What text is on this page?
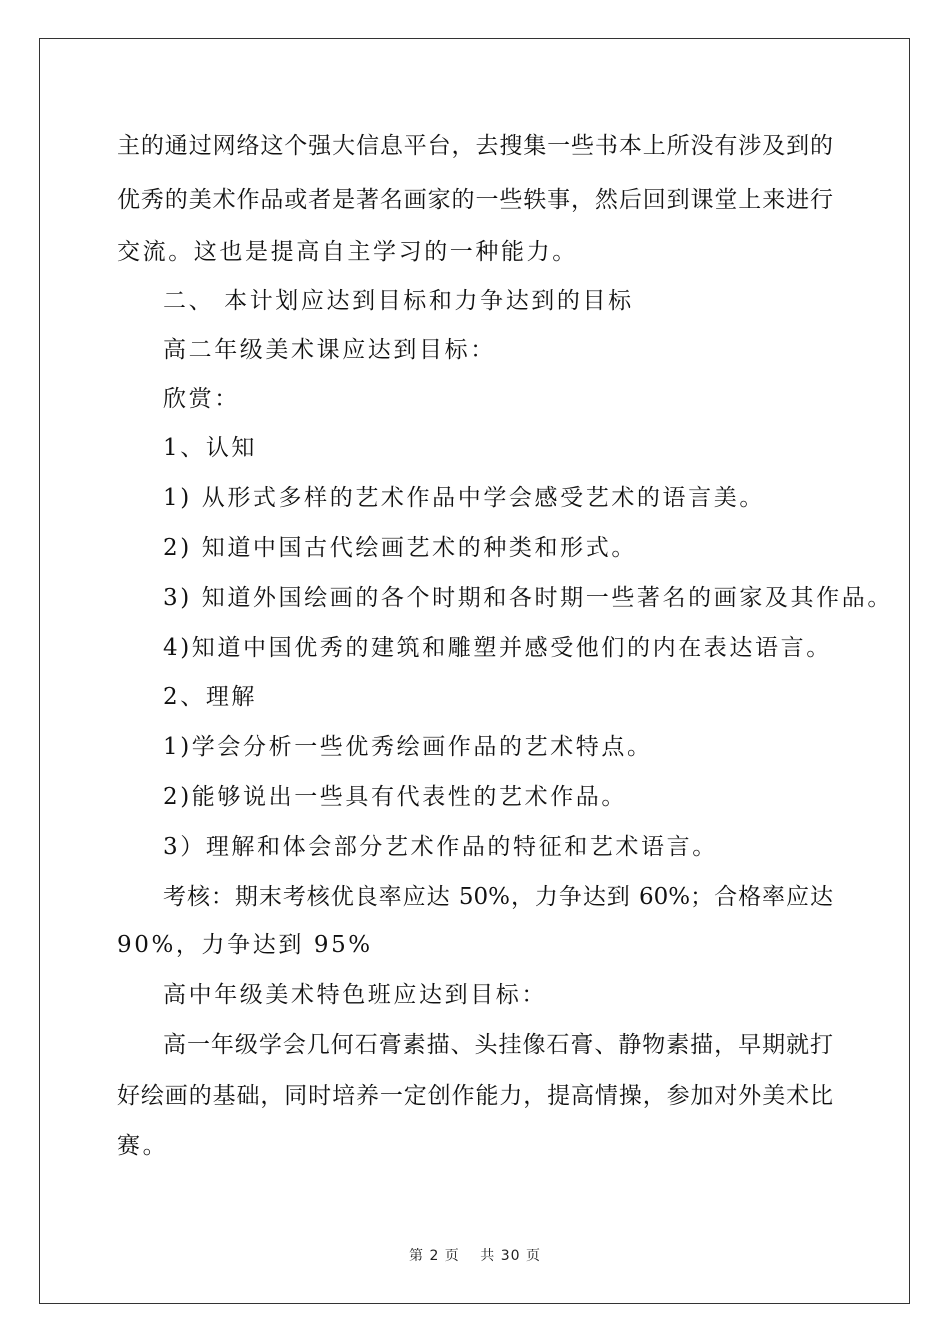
主的通过网络这个强大信息平台，去搜集一些书本上所没有涉及到的
优秀的美术作品或者是著名画家的一些轶事，然后回到课堂上来进行
交流。这也是提高自主学习的一种能力。
二、 本计划应达到目标和力争达到的目标
高二年级美术课应达到目标：
欣赏：
1、认知
1) 从形式多样的艺术作品中学会感受艺术的语言美。
2) 知道中国古代绘画艺术的种类和形式。
3) 知道外国绘画的各个时期和各时期一些著名的画家及其作品。
4)知道中国优秀的建筑和雕塑并感受他们的内在表达语言。
2、理解
1)学会分析一些优秀绘画作品的艺术特点。
2)能够说出一些具有代表性的艺术作品。
3）理解和体会部分艺术作品的特征和艺术语言。
考核：期末考核优良率应达 50%，力争达到 60%；合格率应达
90%，力争达到 95%
高中年级美术特色班应达到目标：
高一年级学会几何石膏素描、头挂像石膏、静物素描，早期就打
好绘画的基础，同时培养一定创作能力，提高情操，参加对外美术比
赛。
第 2 页　 共 30 页
